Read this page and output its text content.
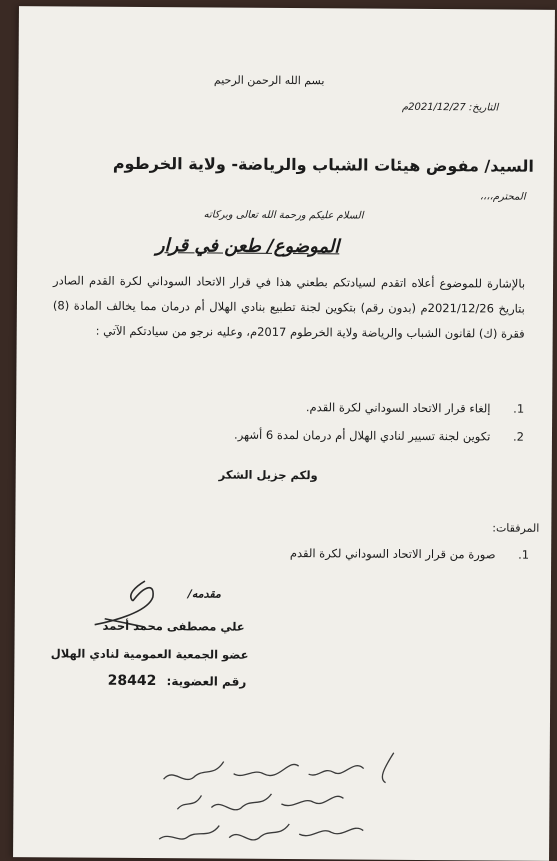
بسم الله الرحمن الرحيم
التاريخ: 2021/12/27م
السيد/ مفوض هيئات الشباب والرياضة- ولاية الخرطوم
المحترم،،،،
السلام عليكم ورحمة الله تعالى وبركاته
الموضوع/ طعن في قرار

بالإشارة للموضوع أعلاه اتقدم لسيادتكم بطعني هذا في قرار الاتحاد السوداني لكرة القدم الصادر بتاريخ 2021/12/26م (بدون رقم) بتكوين لجنة تطبيع بنادي الهلال أم درمان مما يخالف المادة (8) فقرة (ك) لقانون الشباب والرياضة ولاية الخرطوم 2017م، وعليه نرجو من سيادتكم الآتي :

1. إلغاء قرار الاتحاد السوداني لكرة القدم.
2. تكوين لجنة تسيير لنادي الهلال أم درمان لمدة 6 أشهر.
ولكم جزيل الشكر
المرفقات:
1. صورة من قرار الاتحاد السوداني لكرة القدم
مقدمه/
علي مصطفى محمد أحمد
عضو الجمعية العمومية لنادي الهلال
رقم العضوية: 28442
